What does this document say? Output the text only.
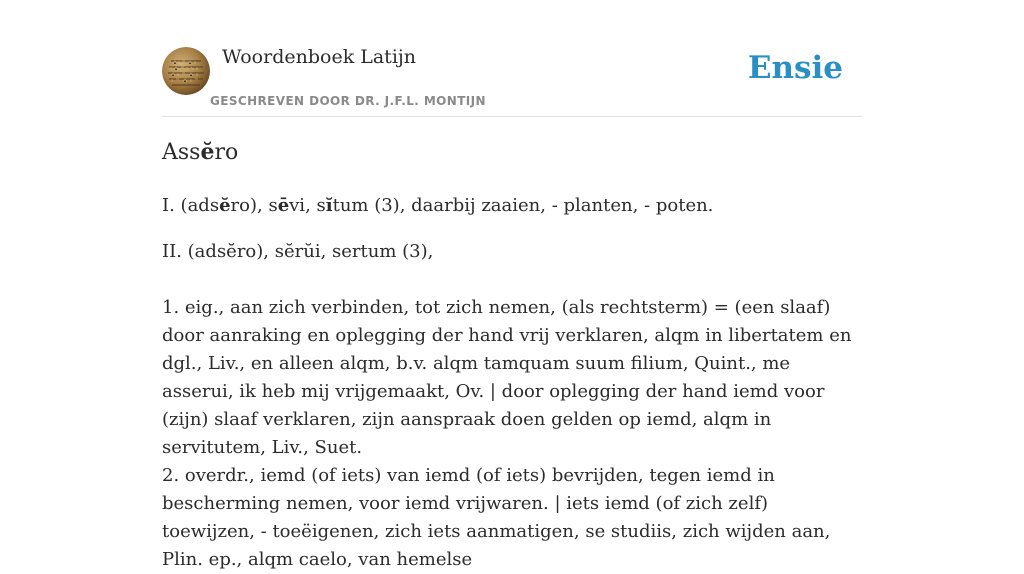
Woordenboek Latijn
GESCHREVEN DOOR DR. J.F.L. MONTIJN
Ensie
Assĕro
I. (adsĕro), sēvi, sĭtum (3), daarbij zaaien, - planten, - poten.
II. (adsĕro), sĕrŭi, sertum (3),

1. eig., aan zich verbinden, tot zich nemen, (als rechtsterm) = (een slaaf) door aanraking en oplegging der hand vrij verklaren, alqm in libertatem en dgl., Liv., en alleen alqm, b.v. alqm tamquam suum filium, Quint., me asserui, ik heb mij vrijgemaakt, Ov. | door oplegging der hand iemd voor (zijn) slaaf verklaren, zijn aanspraak doen gelden op iemd, alqm in servitutem, Liv., Suet.

2. overdr., iemd (of iets) van iemd (of iets) bevrijden, tegen iemd in bescherming nemen, voor iemd vrijwaren. | iets iemd (of zich zelf) toewijzen, - toeëigenen, zich iets aanmatigen, se studiis, zich wijden aan, Plin. ep., alqm caelo, van hemelse
